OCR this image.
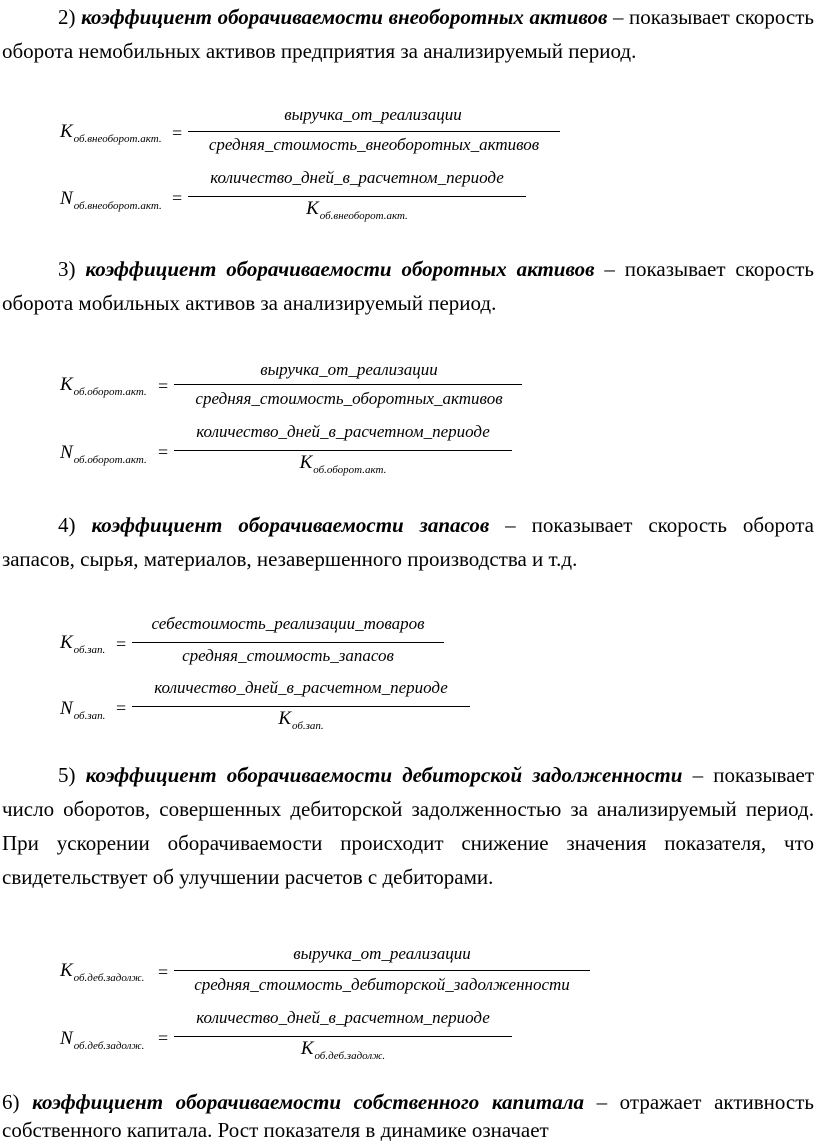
2) коэффициент оборачиваемости внеоборотных активов – показывает скорость оборота немобильных активов предприятия за анализируемый период.
$К_{об.внеоборот.акт.}$ =
выручка_от_реализации
средняя_стоимость_внеоборотных_активов
$N_{об.внеоборот.акт.}$ =
количество_дней_в_расчетном_периоде
$К_{об.внеоборот.акт.}$
3) коэффициент оборачиваемости оборотных активов – показывает скорость оборота мобильных активов за анализируемый период.
$К_{об.оборот.акт.}$ =
выручка_от_реализации
средняя_стоимость_оборотных_активов
$N_{об.оборот.акт.}$ =
количество_дней_в_расчетном_периоде
$К_{об.оборот.акт.}$
4) коэффициент оборачиваемости запасов – показывает скорость оборота запасов, сырья, материалов, незавершенного производства и т.д.
$К_{об.зап.}$ =
себестоимость_реализации_товаров
средняя_стоимость_запасов
$N_{об.зап.}$ =
количество_дней_в_расчетном_периоде
$К_{об.зап.}$
5) коэффициент оборачиваемости дебиторской задолженности – показывает число оборотов, совершенных дебиторской задолженностью за анализируемый период. При ускорении оборачиваемости происходит снижение значения показателя, что свидетельствует об улучшении расчетов с дебиторами.
$К_{об.деб.задолж.}$ =
выручка_от_реализации
средняя_стоимость_дебиторской_задолженности
$N_{об.деб.задолж.}$ =
количество_дней_в_расчетном_периоде
$К_{об.деб.задолж.}$
6) коэффициент оборачиваемости собственного капитала – отражает активность собственного капитала. Рост показателя в динамике означает
